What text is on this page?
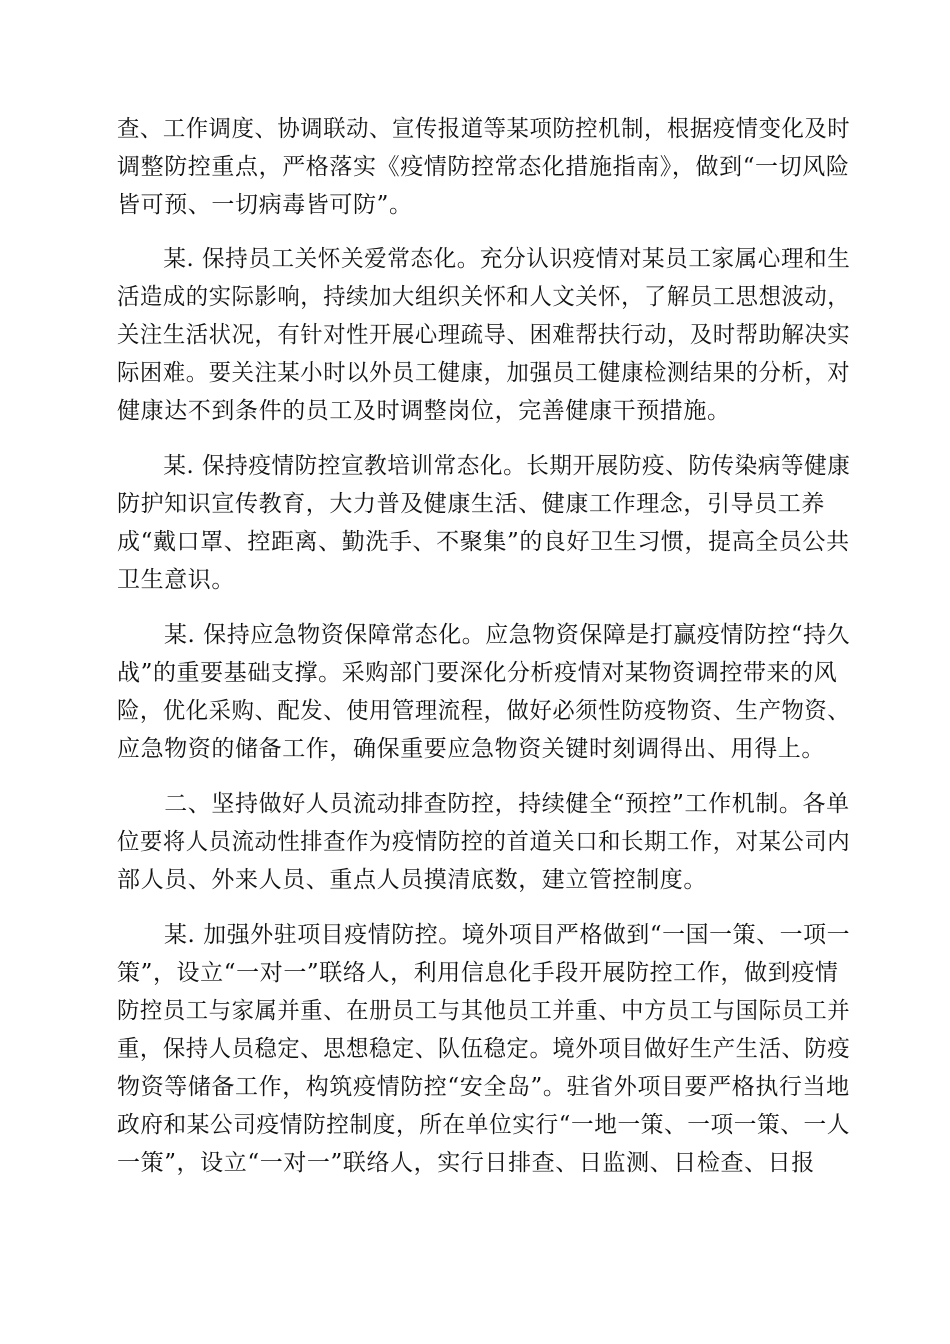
查、工作调度、协调联动、宣传报道等某项防控机制，根据疫情变化及时
调整防控重点，严格落实《疫情防控常态化措施指南》，做到“一切风险
皆可预、一切病毒皆可防”。
　　某. 保持员工关怀关爱常态化。充分认识疫情对某员工家属心理和生
活造成的实际影响，持续加大组织关怀和人文关怀，了解员工思想波动，
关注生活状况，有针对性开展心理疏导、困难帮扶行动，及时帮助解决实
际困难。要关注某小时以外员工健康，加强员工健康检测结果的分析，对
健康达不到条件的员工及时调整岗位，完善健康干预措施。
　　某. 保持疫情防控宣教培训常态化。长期开展防疫、防传染病等健康
防护知识宣传教育，大力普及健康生活、健康工作理念，引导员工养
成“戴口罩、控距离、勤洗手、不聚集”的良好卫生习惯，提高全员公共
卫生意识。
　　某. 保持应急物资保障常态化。应急物资保障是打赢疫情防控“持久
战”的重要基础支撑。采购部门要深化分析疫情对某物资调控带来的风
险，优化采购、配发、使用管理流程，做好必须性防疫物资、生产物资、
应急物资的储备工作，确保重要应急物资关键时刻调得出、用得上。
　　二、坚持做好人员流动排查防控，持续健全“预控”工作机制。各单
位要将人员流动性排查作为疫情防控的首道关口和长期工作，对某公司内
部人员、外来人员、重点人员摸清底数，建立管控制度。
　　某. 加强外驻项目疫情防控。境外项目严格做到“一国一策、一项一
策”，设立“一对一”联络人，利用信息化手段开展防控工作，做到疫情
防控员工与家属并重、在册员工与其他员工并重、中方员工与国际员工并
重，保持人员稳定、思想稳定、队伍稳定。境外项目做好生产生活、防疫
物资等储备工作，构筑疫情防控“安全岛”。驻省外项目要严格执行当地
政府和某公司疫情防控制度，所在单位实行“一地一策、一项一策、一人
一策”，设立“一对一”联络人，实行日排查、日监测、日检查、日报
